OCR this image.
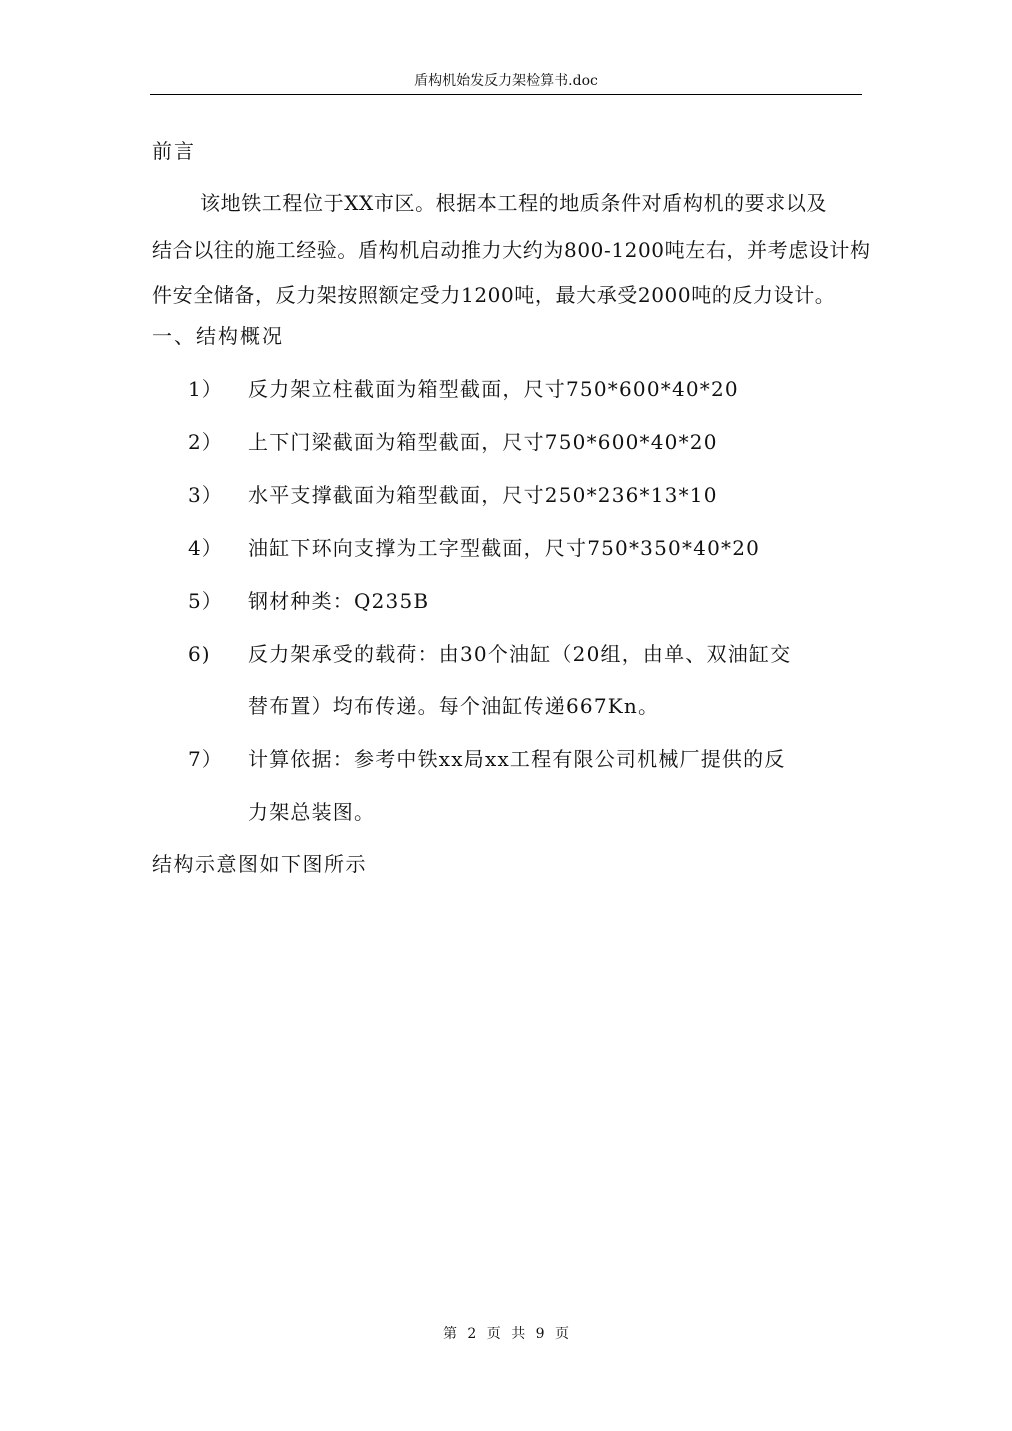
盾构机始发反力架检算书.doc
前言
该地铁工程位于XX市区。根据本工程的地质条件对盾构机的要求以及
结合以往的施工经验。盾构机启动推力大约为800-1200吨左右，并考虑设计构
件安全储备，反力架按照额定受力1200吨，最大承受2000吨的反力设计。
一、结构概况
1） 反力架立柱截面为箱型截面，尺寸750*600*40*20
2） 上下门梁截面为箱型截面，尺寸750*600*40*20
3） 水平支撑截面为箱型截面，尺寸250*236*13*10
4） 油缸下环向支撑为工字型截面，尺寸750*350*40*20
5） 钢材种类：Q235B
6) 反力架承受的载荷：由30个油缸（20组，由单、双油缸交
替布置）均布传递。每个油缸传递667Kn。
7） 计算依据：参考中铁xx局xx工程有限公司机械厂提供的反
力架总装图。
结构示意图如下图所示
第 2 页 共 9 页
